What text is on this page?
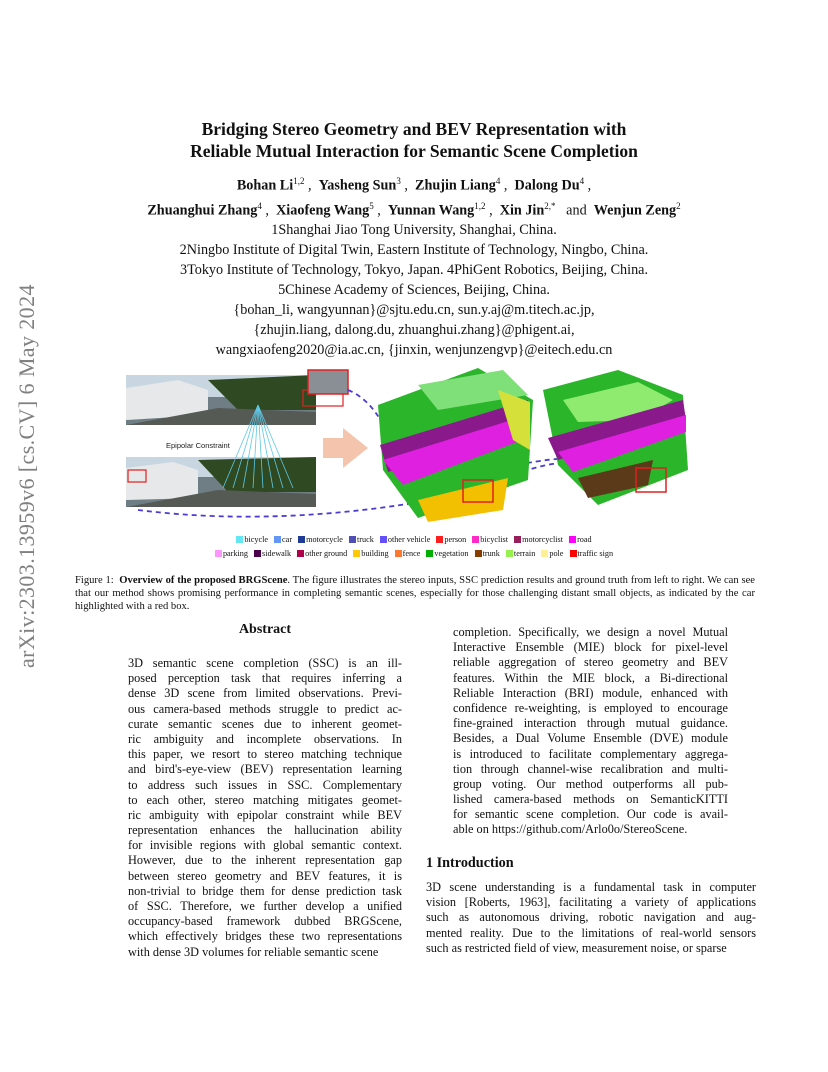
arXiv:2303.13959v6 [cs.CV] 6 May 2024
Bridging Stereo Geometry and BEV Representation with
Reliable Mutual Interaction for Semantic Scene Completion
Bohan Li$^{1,2}$ ,  Yasheng Sun$^3$ ,  Zhujin Liang$^4$ ,  Dalong Du$^4$ ,
Zhuanghui Zhang$^4$ ,  Xiaofeng Wang$^5$ ,  Yunnan Wang$^{1,2}$ ,  Xin Jin$^{2,*}$ and Wenjun Zeng$^2$
1Shanghai Jiao Tong University, Shanghai, China.
2Ningbo Institute of Digital Twin, Eastern Institute of Technology, Ningbo, China.
3Tokyo Institute of Technology, Tokyo, Japan. 4PhiGent Robotics, Beijing, China.
5Chinese Academy of Sciences, Beijing, China.
{bohan_li, wangyunnan}@sjtu.edu.cn, sun.y.aj@m.titech.ac.jp,
{zhujin.liang, dalong.du, zhuanghui.zhang}@phigent.ai,
wangxiaofeng2020@ia.ac.cn, {jinxin, wenjunzengvp}@eitech.edu.cn
Epipolar Constraint
bicycle car motorcycle truck other vehicle person bicyclist motorcyclist road
parking sidewalk other ground building fence vegetation trunk terrain pole traffic sign
Figure 1: Overview of the proposed BRGScene. The figure illustrates the stereo inputs, SSC prediction results and ground truth from left to right. We can see that our method shows promising performance in completing semantic scenes, especially for those challenging distant small objects, as indicated by the car highlighted with a red box.
Abstract
3D semantic scene completion (SSC) is an ill-
posed perception task that requires inferring a
dense 3D scene from limited observations. Previ-
ous camera-based methods struggle to predict ac-
curate semantic scenes due to inherent geomet-
ric ambiguity and incomplete observations. In
this paper, we resort to stereo matching technique
and bird's-eye-view (BEV) representation learning
to address such issues in SSC. Complementary
to each other, stereo matching mitigates geomet-
ric ambiguity with epipolar constraint while BEV
representation enhances the hallucination ability
for invisible regions with global semantic context.
However, due to the inherent representation gap
between stereo geometry and BEV features, it is
non-trivial to bridge them for dense prediction task
of SSC. Therefore, we further develop a unified
occupancy-based framework dubbed BRGScene,
which effectively bridges these two representations
with dense 3D volumes for reliable semantic scene
completion. Specifically, we design a novel Mutual
Interactive Ensemble (MIE) block for pixel-level
reliable aggregation of stereo geometry and BEV
features. Within the MIE block, a Bi-directional
Reliable Interaction (BRI) module, enhanced with
confidence re-weighting, is employed to encourage
fine-grained interaction through mutual guidance.
Besides, a Dual Volume Ensemble (DVE) module
is introduced to facilitate complementary aggrega-
tion through channel-wise recalibration and multi-
group voting. Our method outperforms all pub-
lished camera-based methods on SemanticKITTI
for semantic scene completion. Our code is avail-
able on https://github.com/Arlo0o/StereoScene.
1 Introduction
3D scene understanding is a fundamental task in computer
vision [Roberts, 1963], facilitating a variety of applications
such as autonomous driving, robotic navigation and aug-
mented reality. Due to the limitations of real-world sensors
such as restricted field of view, measurement noise, or sparse
